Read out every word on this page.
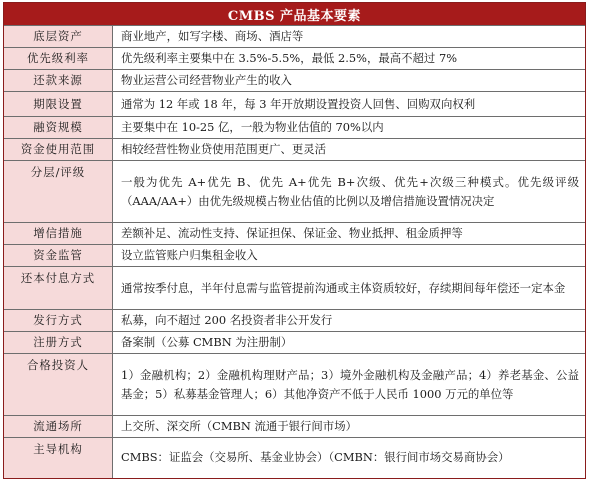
CMBS 产品基本要素
底层资产	商业地产，如写字楼、商场、酒店等
优先级利率	优先级利率主要集中在 3.5%-5.5%，最低 2.5%，最高不超过 7%
还款来源	物业运营公司经营物业产生的收入
期限设置	通常为 12 年或 18 年，每 3 年开放期设置投资人回售、回购双向权利
融资规模	主要集中在 10-25 亿，一般为物业估值的 70%以内
资金使用范围	相较经营性物业贷使用范围更广、更灵活
分层/评级	一般为优先 A+优先 B、优先 A+优先 B+次级、优先+次级三种模式。优先级评级（AAA/AA+）由优先级规模占物业估值的比例以及增信措施设置情况决定
增信措施	差额补足、流动性支持、保证担保、保证金、物业抵押、租金质押等
资金监管	设立监管账户归集租金收入
还本付息方式	通常按季付息，半年付息需与监管提前沟通或主体资质较好，存续期间每年偿还一定本金
发行方式	私募，向不超过 200 名投资者非公开发行
注册方式	备案制（公募 CMBN 为注册制）
合格投资人	1）金融机构；2）金融机构理财产品；3）境外金融机构及金融产品；4）养老基金、公益基金；5）私募基金管理人；6）其他净资产不低于人民币 1000 万元的单位等
流通场所	上交所、深交所（CMBN 流通于银行间市场）
主导机构	CMBS：证监会（交易所、基金业协会）（CMBN：银行间市场交易商协会）
